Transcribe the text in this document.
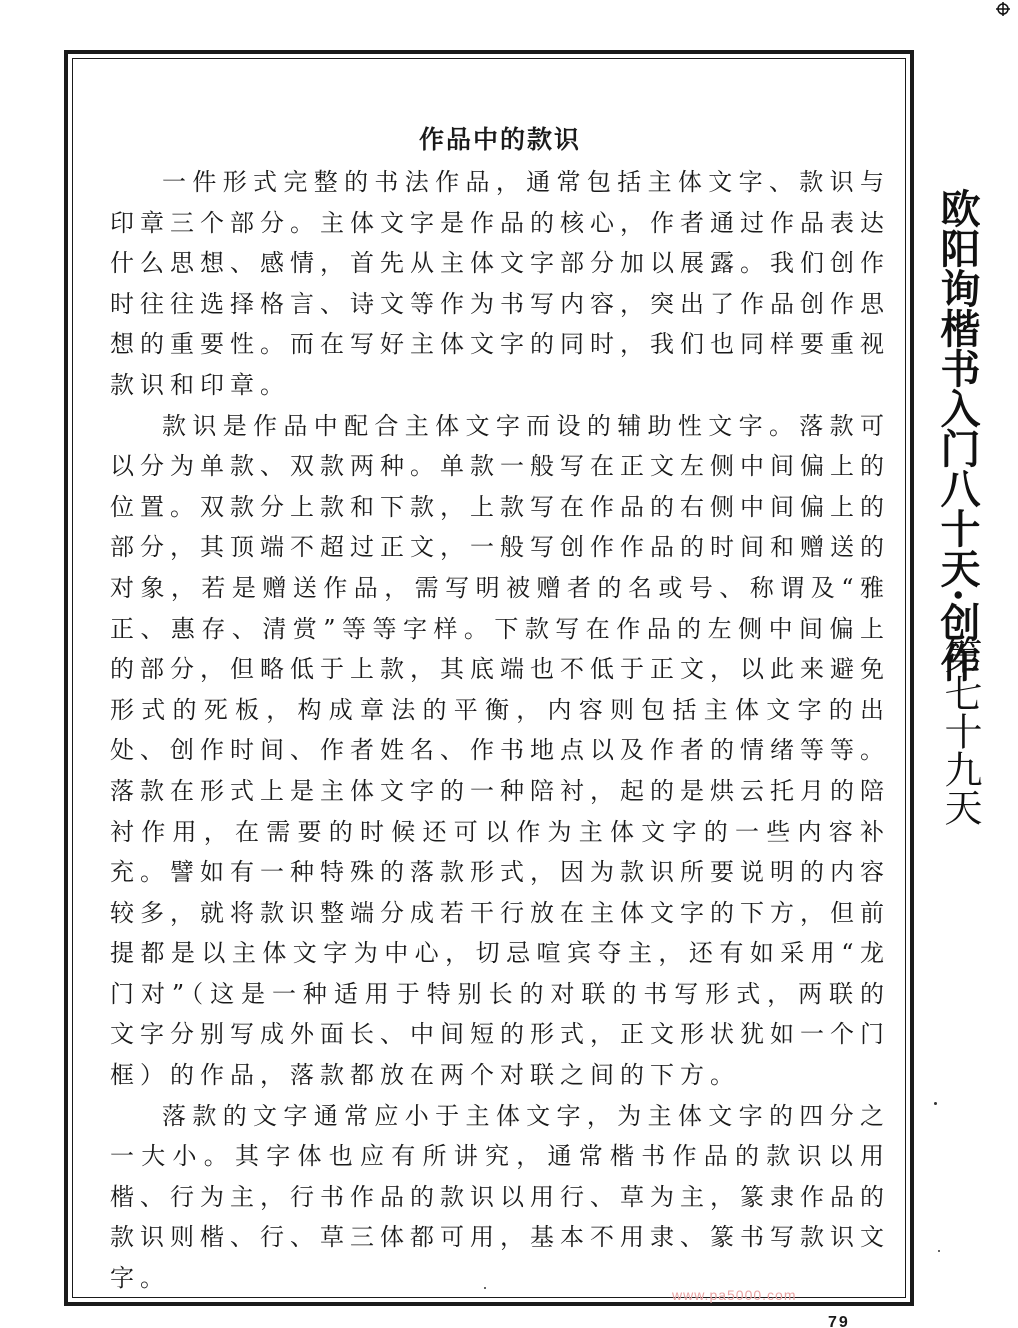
作品中的款识

一件形式完整的书法作品，通常包括主体文字、款识与印章三个部分。主体文字是作品的核心，作者通过作品表达什么思想、感情，首先从主体文字部分加以展露。我们创作时往往选择格言、诗文等作为书写内容，突出了作品创作思想的重要性。而在写好主体文字的同时，我们也同样要重视款识和印章。

款识是作品中配合主体文字而设的辅助性文字。落款可以分为单款、双款两种。单款一般写在正文左侧中间偏上的位置。双款分上款和下款，上款写在作品的右侧中间偏上的部分，其顶端不超过正文，一般写创作作品的时间和赠送的对象，若是赠送作品，需写明被赠者的名或号、称谓及“雅正、惠存、清赏”等等字样。下款写在作品的左侧中间偏上的部分，但略低于上款，其底端也不低于正文，以此来避免形式的死板，构成章法的平衡，内容则包括主体文字的出处、创作时间、作者姓名、作书地点以及作者的情绪等等。落款在形式上是主体文字的一种陪衬，起的是烘云托月的陪衬作用，在需要的时候还可以作为主体文字的一些内容补充。譬如有一种特殊的落款形式，因为款识所要说明的内容较多，就将款识整端分成若干行放在主体文字的下方，但前提都是以主体文字为中心，切忌喧宾夺主，还有如采用“龙门对”（这是一种适用于特别长的对联的书写形式，两联的文字分别写成外面长、中间短的形式，正文形状犹如一个门框）的作品，落款都放在两个对联之间的下方。

落款的文字通常应小于主体文字，为主体文字的四分之一大小。其字体也应有所讲究，通常楷书作品的款识以用楷、行为主，行书作品的款识以用行、草为主，篆隶作品的款识则楷、行、草三体都可用，基本不用隶、篆书写款识文字。

欧阳询楷书入门八十天·创作
第七十九天
www.pa5000.com
79
